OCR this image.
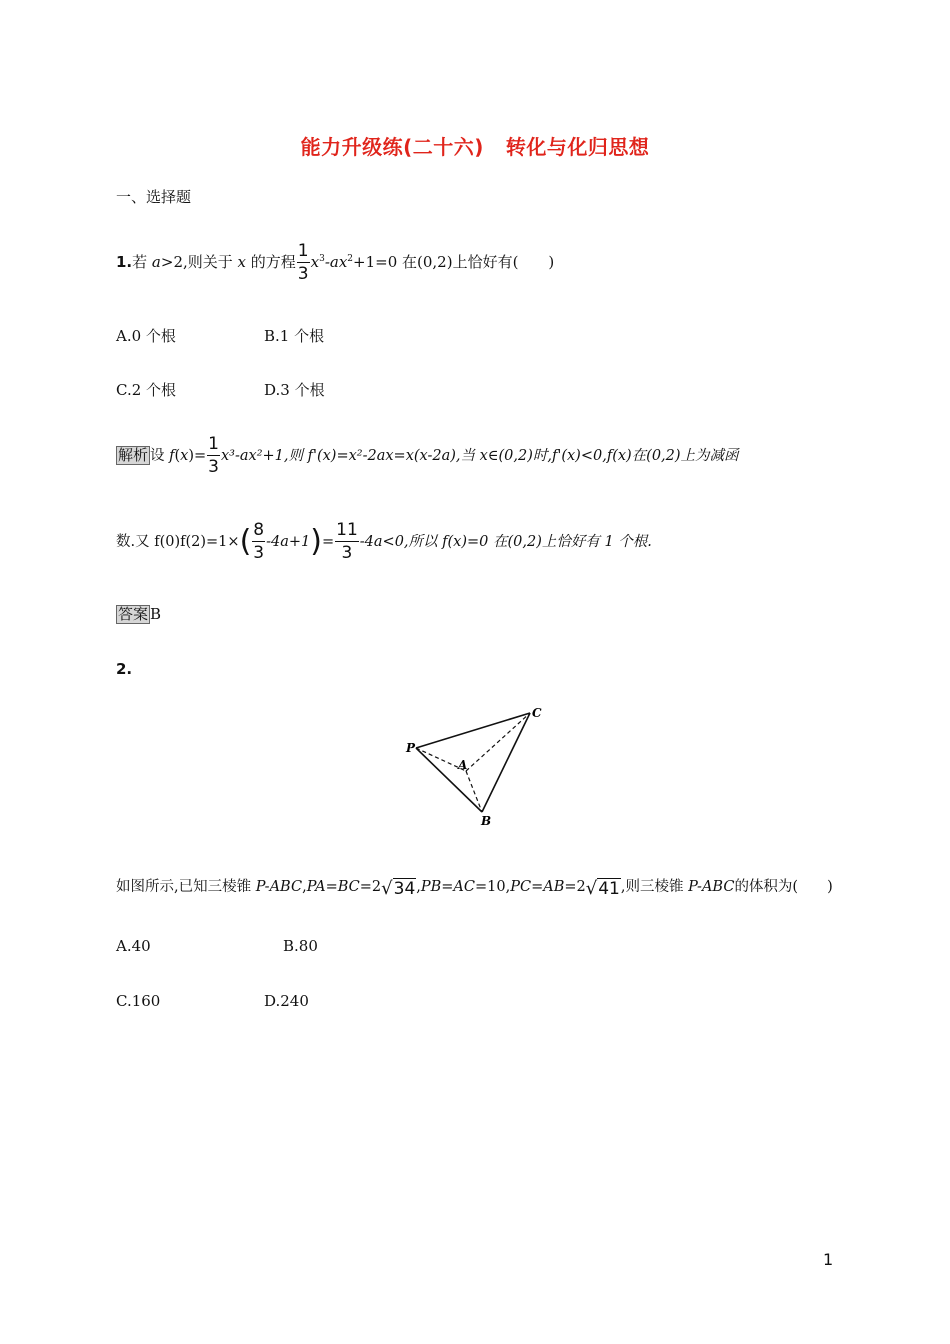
能力升级练(二十六) 转化与化归思想
一、选择题
1.若 a>2,则关于 x 的方程 $\frac{1}{3} x^3-ax^2+1=0$ 在(0,2)上恰好有(　　)
A.0 个根	B.1 个根
C.2 个根	D.3 个根
解析 设 $f(x)= \frac{1}{3} x^3-ax^2+1$,则 f'(x)=x²-2ax=x(x-2a),当 x∈(0,2)时,f'(x)<0,f(x)在(0,2)上为减函
数.又 $f(0)f(2)=1\times( \frac{8}{3} -4a+1)= \frac{11}{3} -4a<0$,所以 f(x)=0 在(0,2)上恰好有 1 个根.
答案 B
2.
P
A
B
C
如图所示,已知三棱锥 P-ABC,PA=BC=2√34,PB=AC=10,PC=AB=2√41,则三棱锥 P-ABC的体积为(　　)
A.40	B.80
C.160	D.240
1
